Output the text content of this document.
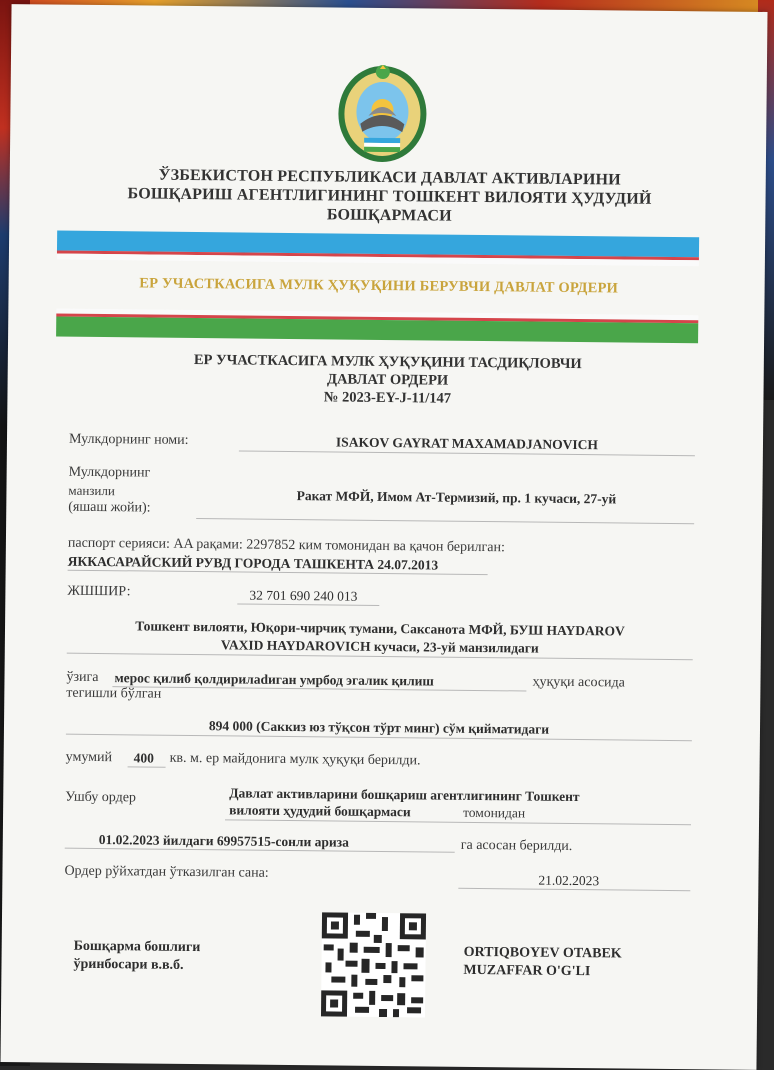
ЎЗБЕКИСТОН РЕСПУБЛИКАСИ ДАВЛАТ АКТИВЛАРИНИ
БОШҚАРИШ АГЕНТЛИГИНИНГ ТОШКЕНТ ВИЛОЯТИ ҲУДУДИЙ
БОШҚАРМАСИ
ЕР УЧАСТКАСИГА МУЛК ҲУҚУҚИНИ БЕРУВЧИ ДАВЛАТ ОРДЕРИ
ЕР УЧАСТКАСИГА МУЛК ҲУҚУҚИНИ ТАСДИҚЛОВЧИ
ДАВЛАТ ОРДЕРИ
№ 2023-EY-J-11/147
Мулкдорнинг номи:	ISAKOV GAYRAT MAXAMADJANOVICH
Мулкдорнинг
манзили
(яшаш жойи):
Ракат МФЙ, Имом Ат-Термизий, пр. 1 кучаси, 27-уй
паспорт серияси: AA рақами: 2297852 ким томонидан ва қачон берилган:
ЯККАСАРАЙСКИЙ РУВД ГОРОДА ТАШКЕНТА 24.07.2013
ЖШШИР:	32 701 690 240 013
Тошкент вилояти, Юқори-чирчиқ тумани, Саксанота МФЙ, БУШ HAYDAROV
VAXID HAYDAROVICH кучаси, 23-уй манзилидаги
ўзига мерос қилиб қолдирилadиган умрбод эгалик қилиш	ҳуқуқи асосида
тегишли бўлган
894 000 (Саккиз юз тўқсон тўрт минг) сўм қийматидаги
умумий 400 кв. м. ер майдонига мулк ҳуқуқи берилди.
Ушбу ордер	Давлат активларини бошқариш агентлигининг Тошкент
вилояти ҳудудий бошқармаси	томонидан
01.02.2023 йилдаги 69957515-сонли ариза	га асосан берилди.
Ордер рўйхатдан ўтказилган сана:	21.02.2023
Бошқарма бошлиги
ўринбосари в.в.б.
ORTIQBOYEV OTABEK
MUZAFFAR O'G'LI
